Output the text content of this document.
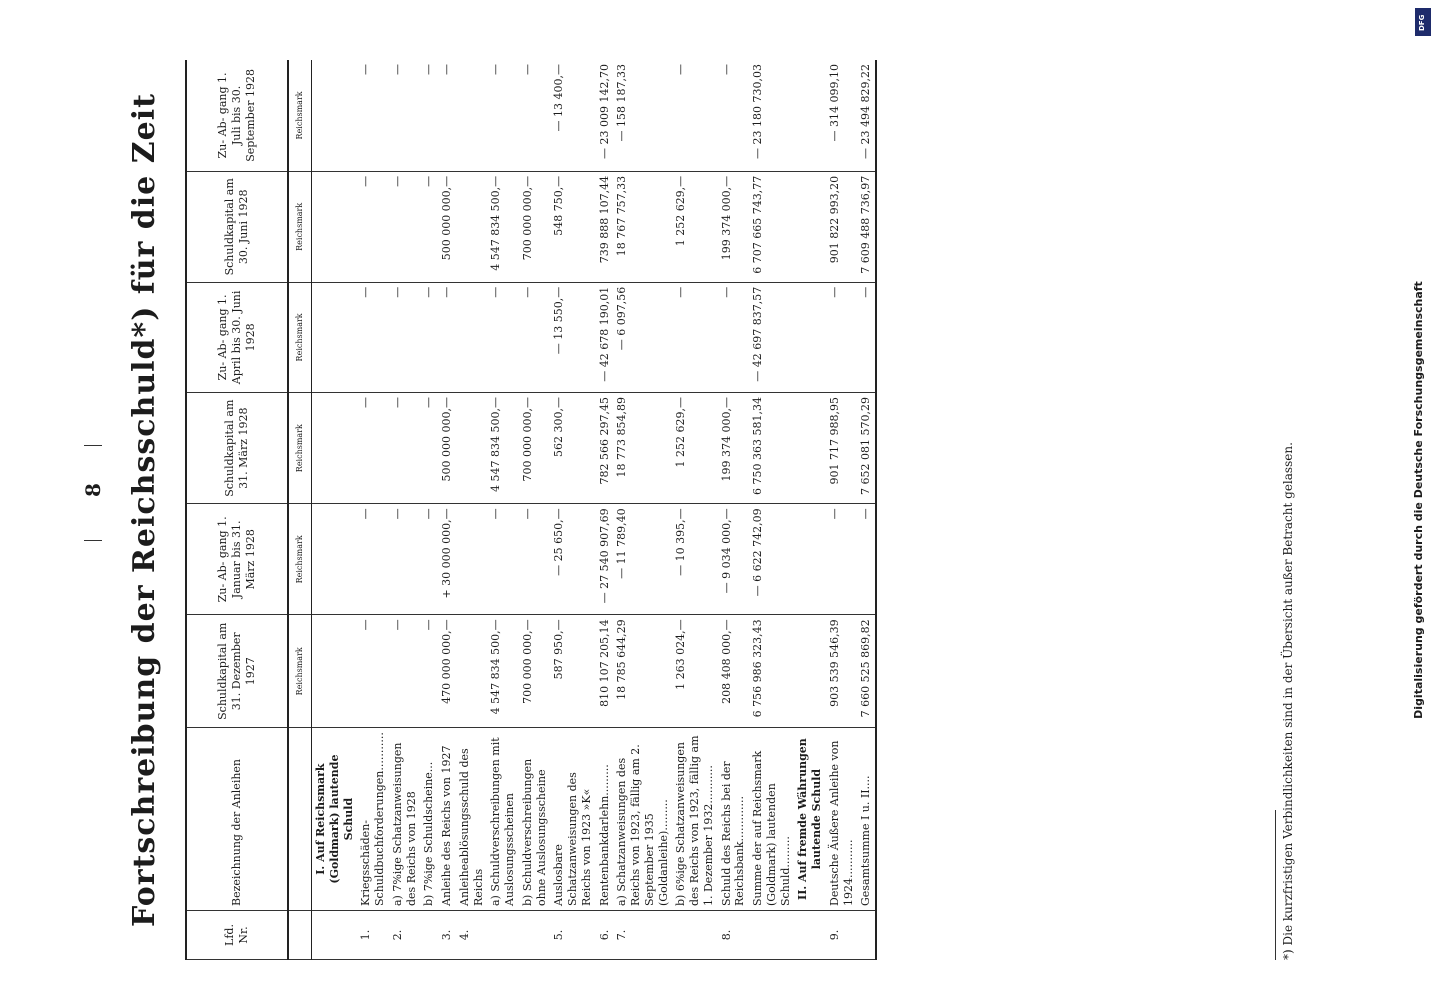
8 Fortschreibung der Reichsschuld*) für die Zeit
Lfd. Nr.	Bezeichnung der Anleihen	Schuldkapital am 31. Dezember 1927	Zu- Ab- gang 1. Januar bis 31. März 1928	Schuldkapital am 31. März 1928	Zu- Ab- gang 1. April bis 30. Juni 1928	Schuldkapital am 30. Juni 1928	Zu- Ab- gang 1. Juli bis 30. September 1928
		Reichsmark	Reichsmark	Reichsmark	Reichsmark	Reichsmark	Reichsmark
	I. Auf Reichsmark (Goldmark) lautende Schuld						
1.	Kriegsschäden-Schuldbuchforderungen...........	—	—	—	—	—	—
2.	a) 7%ige Schatzanweisungen des Reichs von 1928	—	—	—	—	—	—
	b) 7%ige Schuldscheine...	—	—	—	—	—	—
3.	Anleihe des Reichs von 1927	470 000 000,—	+ 30 000 000,—	500 000 000,—	—	500 000 000,—	—
4.	Anleiheablösungsschuld des Reichs						
	a) Schuldverschreibungen mit Auslosungsscheinen	4 547 834 500,—	—	4 547 834 500,—	—	4 547 834 500,—	—
	b) Schuldverschreibungen ohne Auslosungsscheine	700 000 000,—	—	700 000 000,—	—	700 000 000,—	—
5.	Auslosbare Schatzanweisungen des Reichs von 1923 »K«	587 950,—	— 25 650,—	562 300,—	— 13 550,—	548 750,—	— 13 400,—
6.	Rentenbankdarlehn.........	810 107 205,14	— 27 540 907,69	782 566 297,45	— 42 678 190,01	739 888 107,44	— 23 009 142,70
7.	a) Schatzanweisungen des Reichs von 1923, fällig am 2. September 1935 (Goldanleihe).........	18 785 644,29	— 11 789,40	18 773 854,89	— 6 097,56	18 767 757,33	— 158 187,33
	b) 6%ige Schatzanweisungen des Reichs von 1923, fällig am 1. Dezember 1932...........	1 263 024,—	— 10 395,—	1 252 629,—	—	1 252 629,—	—
8.	Schuld des Reichs bei der Reichsbank.............	208 408 000,—	— 9 034 000,—	199 374 000,—	—	199 374 000,—	—
	Summe der auf Reichsmark (Goldmark) lautenden Schuld.........	6 756 986 323,43	— 6 622 742,09	6 750 363 581,34	— 42 697 837,57	6 707 665 743,77	— 23 180 730,03
	II. Auf fremde Währungen lautende Schuld						
9.	Deutsche Äußere Anleihe von 1924...........	903 539 546,39	—	901 717 988,95	—	901 822 993,20	— 314 099,10
	Gesamtsumme I u. II....	7 660 525 869,82	—	7 652 081 570,29	—	7 609 488 736,97	— 23 494 829,22
*) Die kurzfristigen Verbindlichkeiten sind in der Übersicht außer Betracht gelassen.	Digitalisierung gefördert durch die Deutsche Forschungsgemeinschaft
DFG
